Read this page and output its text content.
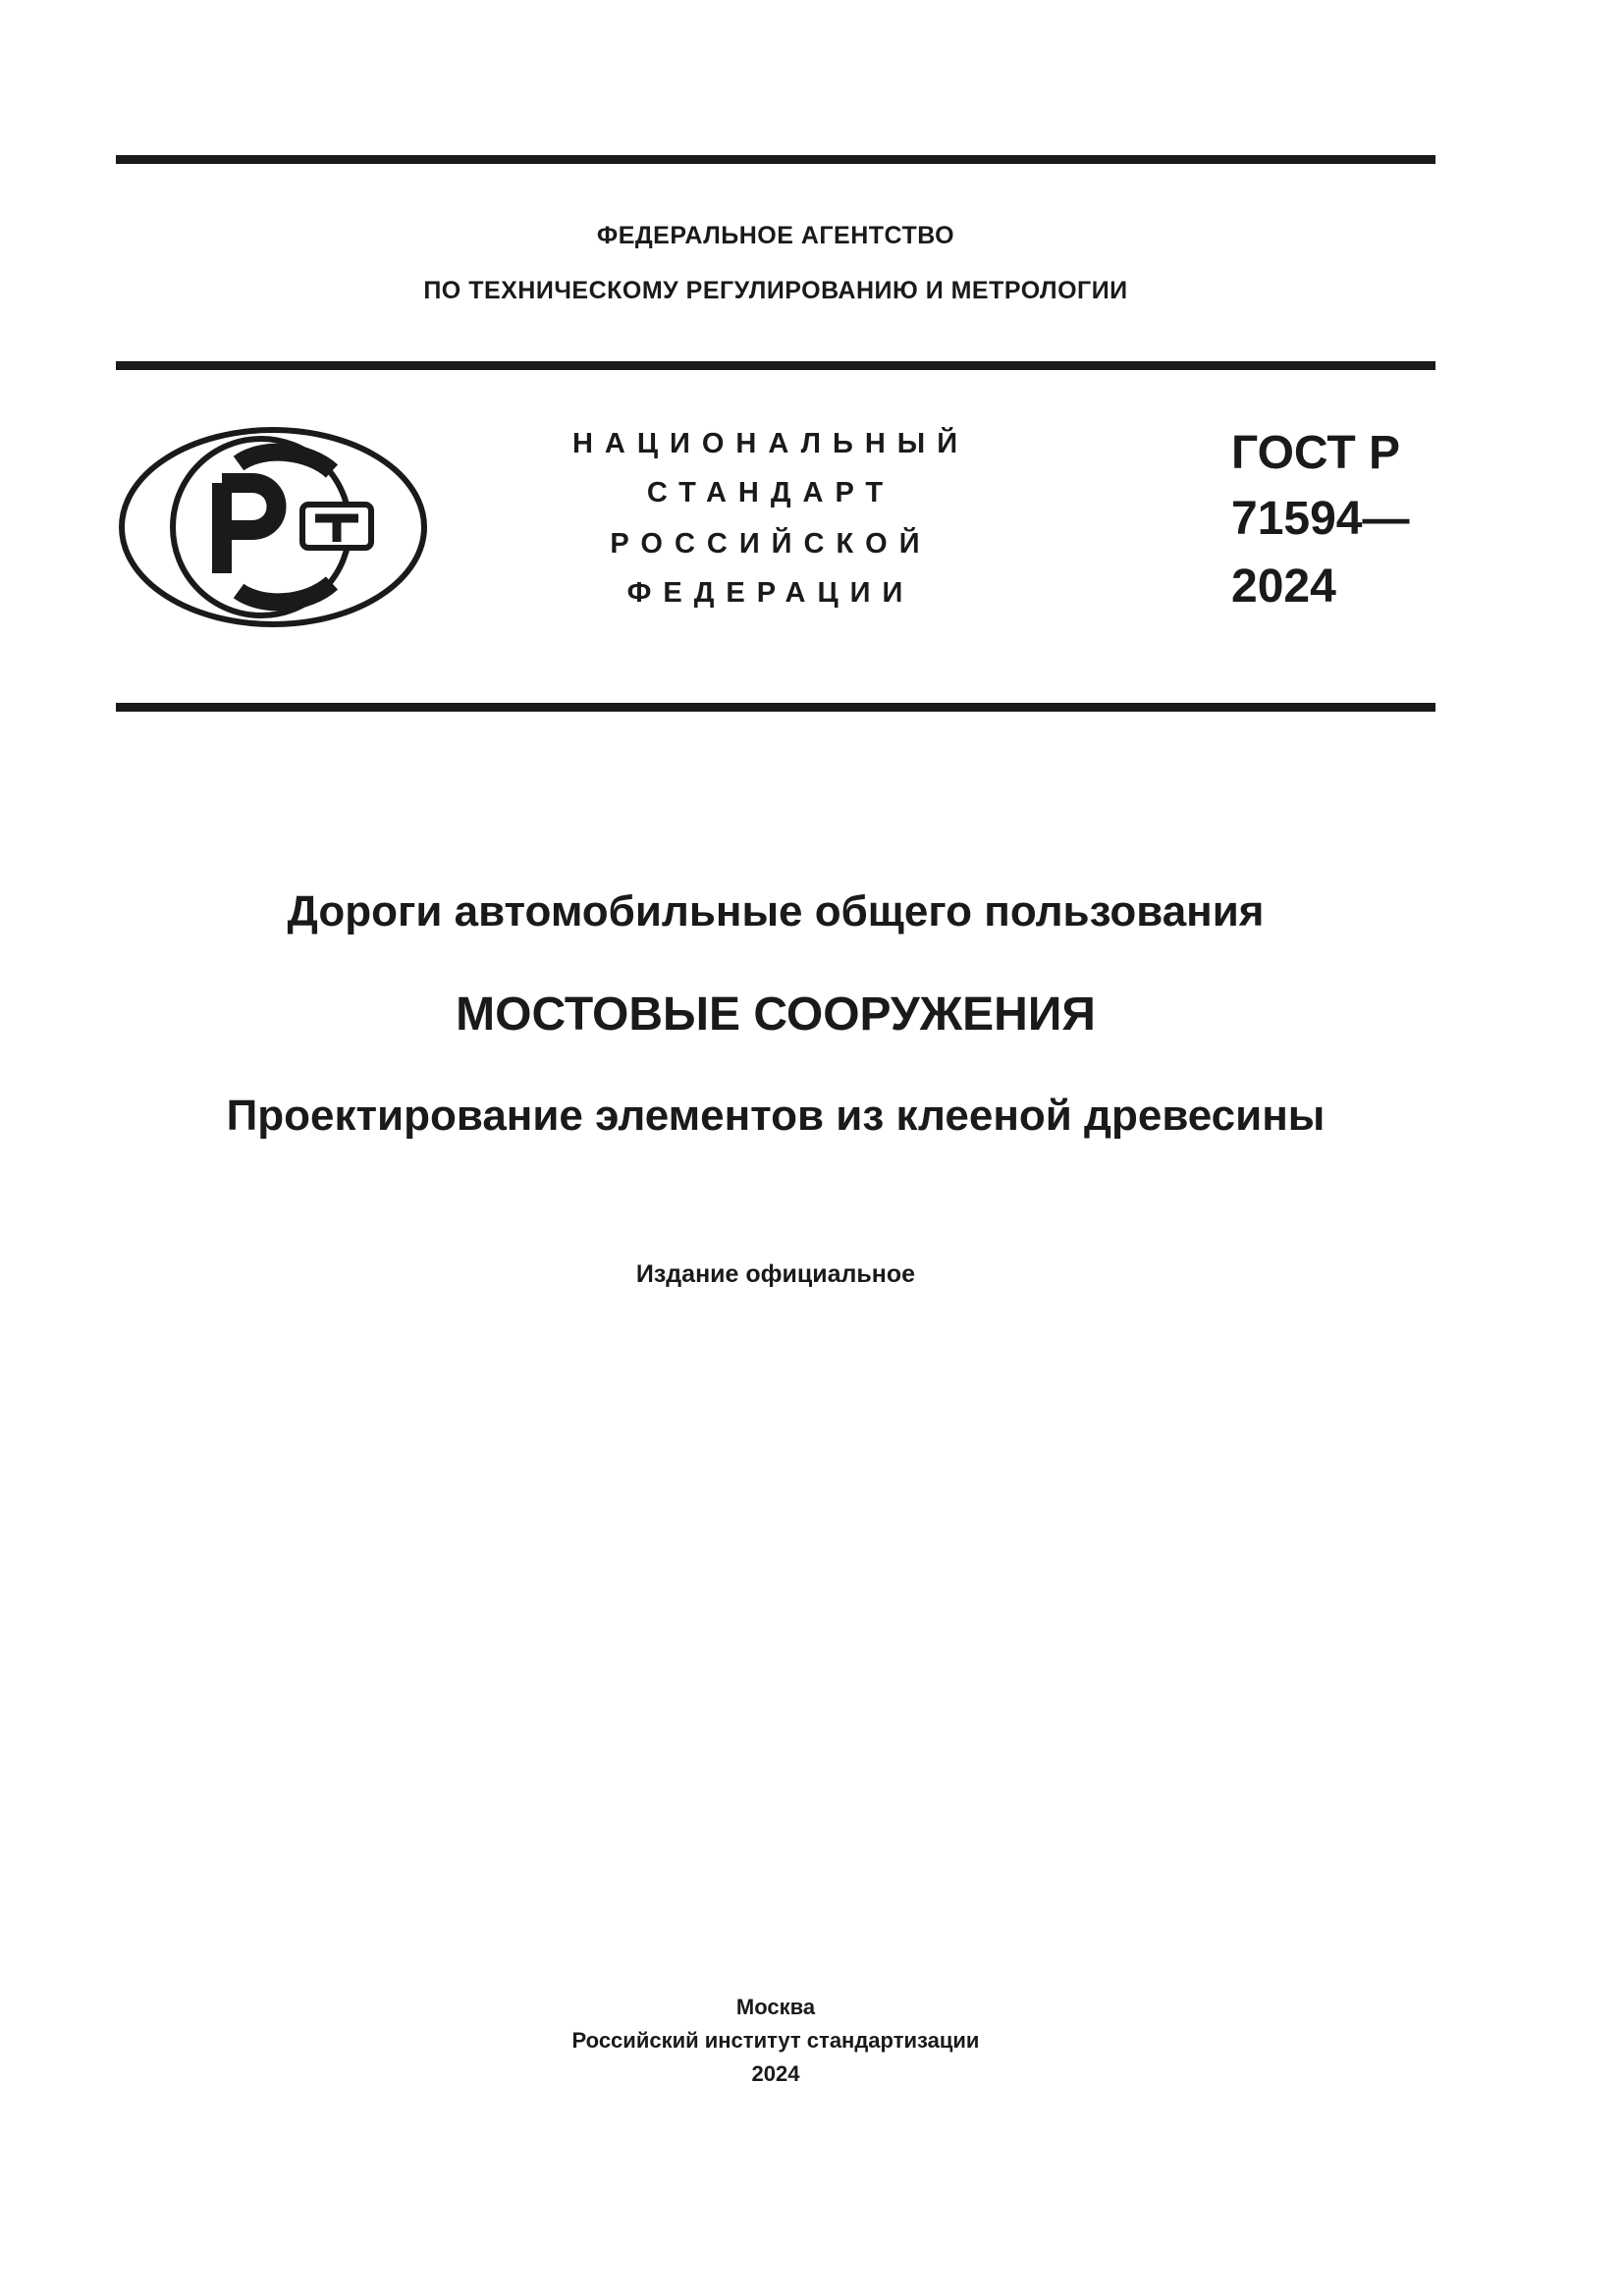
ФЕДЕРАЛЬНОЕ АГЕНТСТВО
ПО ТЕХНИЧЕСКОМУ РЕГУЛИРОВАНИЮ И МЕТРОЛОГИИ
НАЦИОНАЛЬНЫЙ
СТАНДАРТ
РОССИЙСКОЙ
ФЕДЕРАЦИИ
ГОСТ Р
71594—
2024
Дороги автомобильные общего пользования
МОСТОВЫЕ СООРУЖЕНИЯ
Проектирование элементов из клееной древесины
Издание официальное
Москва
Российский институт стандартизации
2024
